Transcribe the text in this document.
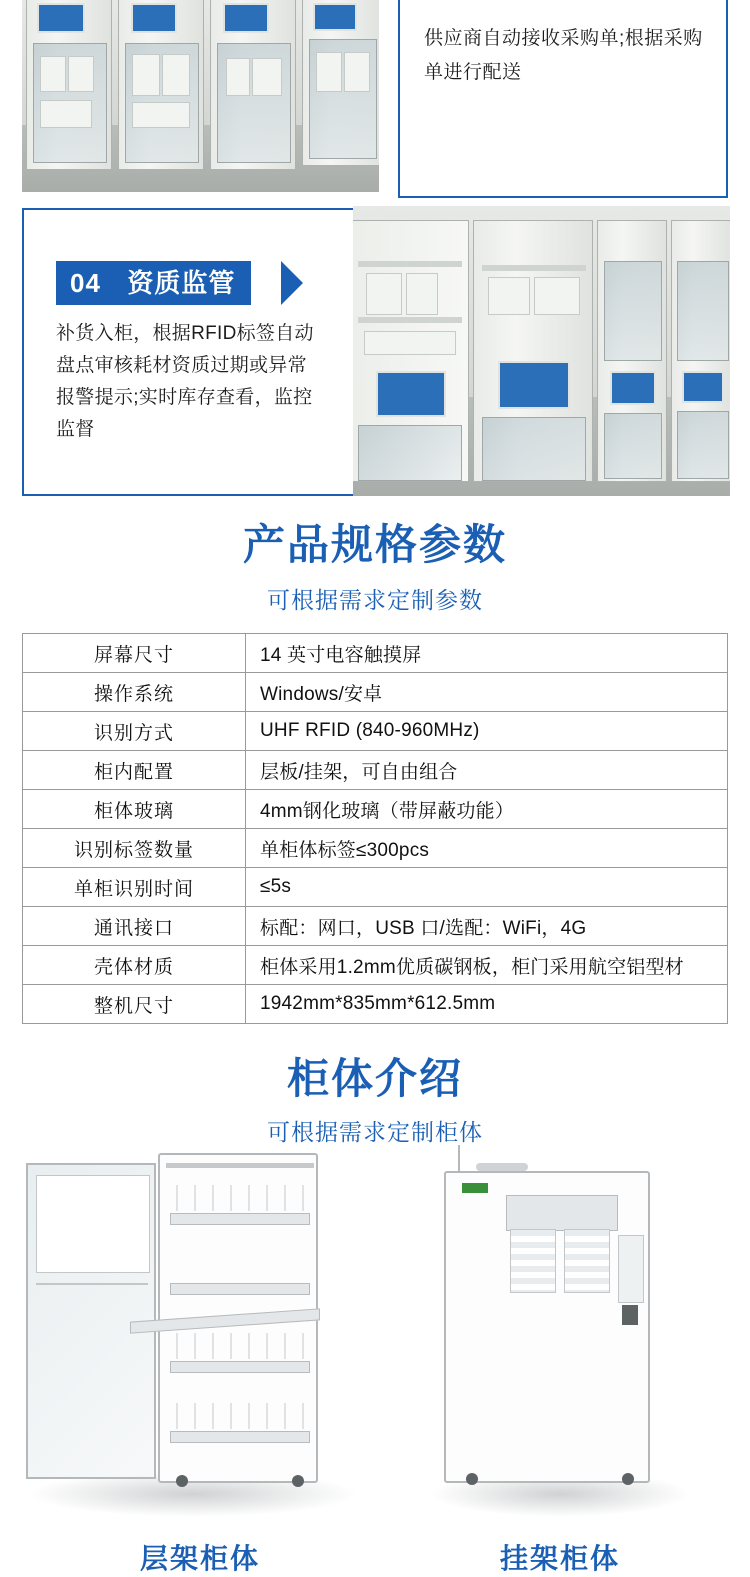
供应商自动接收采购单;根据采购单进行配送
04 资质监管
补货入柜，根据RFID标签自动盘点审核耗材资质过期或异常报警提示;实时库存查看，监控监督
产品规格参数
可根据需求定制参数
屏幕尺寸	14 英寸电容触摸屏
操作系统	Windows/安卓
识别方式	UHF RFID (840-960MHz)
柜内配置	层板/挂架，可自由组合
柜体玻璃	4mm钢化玻璃（带屏蔽功能）
识别标签数量	单柜体标签≤300pcs
单柜识别时间	≤5s
通讯接口	标配：网口，USB 口/选配：WiFi，4G
壳体材质	柜体采用1.2mm优质碳钢板，柜门采用航空铝型材
整机尺寸	1942mm*835mm*612.5mm
柜体介绍
可根据需求定制柜体
层架柜体	挂架柜体
